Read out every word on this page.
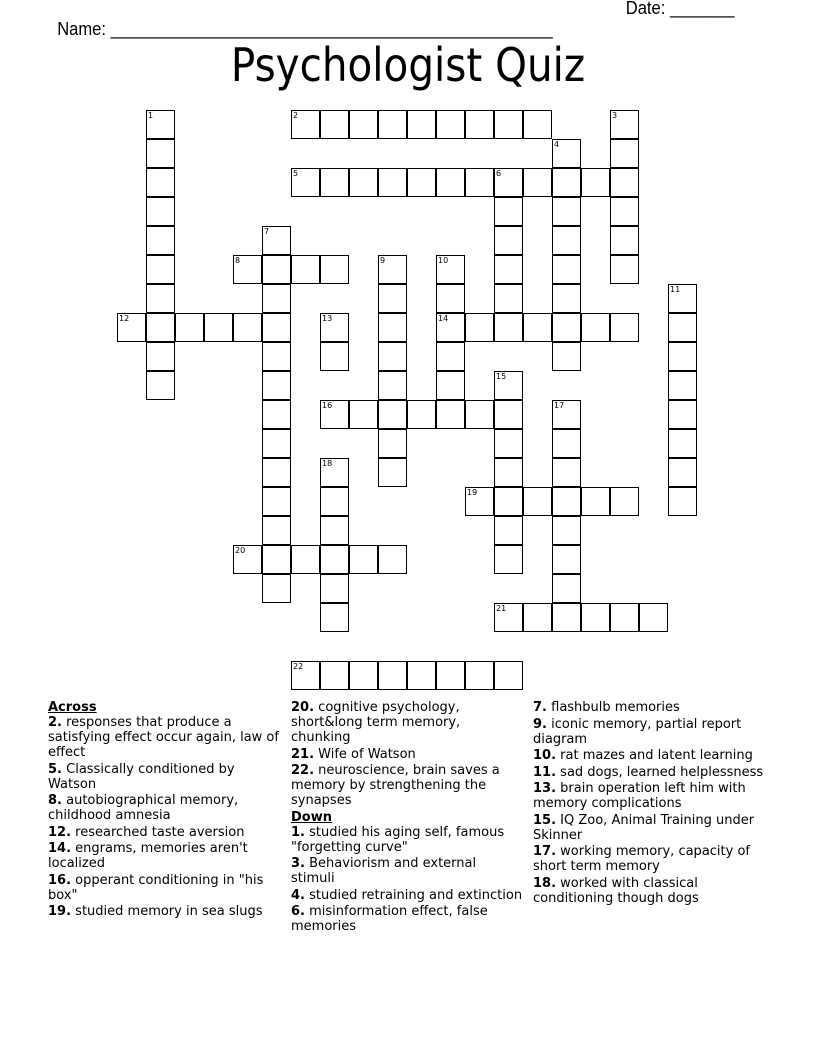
Name: ________________________________________________

Date: _______

Psychologist Quiz
1	2	3
4
5	6
7
8	9	10
14
11
12	13
15
16	17
18
19
20
21
22
Across
2. responses that produce a satisfying effect occur again, law of effect
5. Classically conditioned by Watson
8. autobiographical memory, childhood amnesia
12. researched taste aversion
14. engrams, memories aren't localized
16. opperant conditioning in "his box"
19. studied memory in sea slugs
20. cognitive psychology, short&long term memory, chunking
21. Wife of Watson
22. neuroscience, brain saves a memory by strengthening the synapses
Down
1. studied his aging self, famous "forgetting curve"
3. Behaviorism and external stimuli
4. studied retraining and extinction
6. misinformation effect, false memories
7. flashbulb memories
9. iconic memory, partial report diagram
10. rat mazes and latent learning
11. sad dogs, learned helplessness
13. brain operation left him with memory complications
15. IQ Zoo, Animal Training under Skinner
17. working memory, capacity of short term memory
18. worked with classical conditioning though dogs
